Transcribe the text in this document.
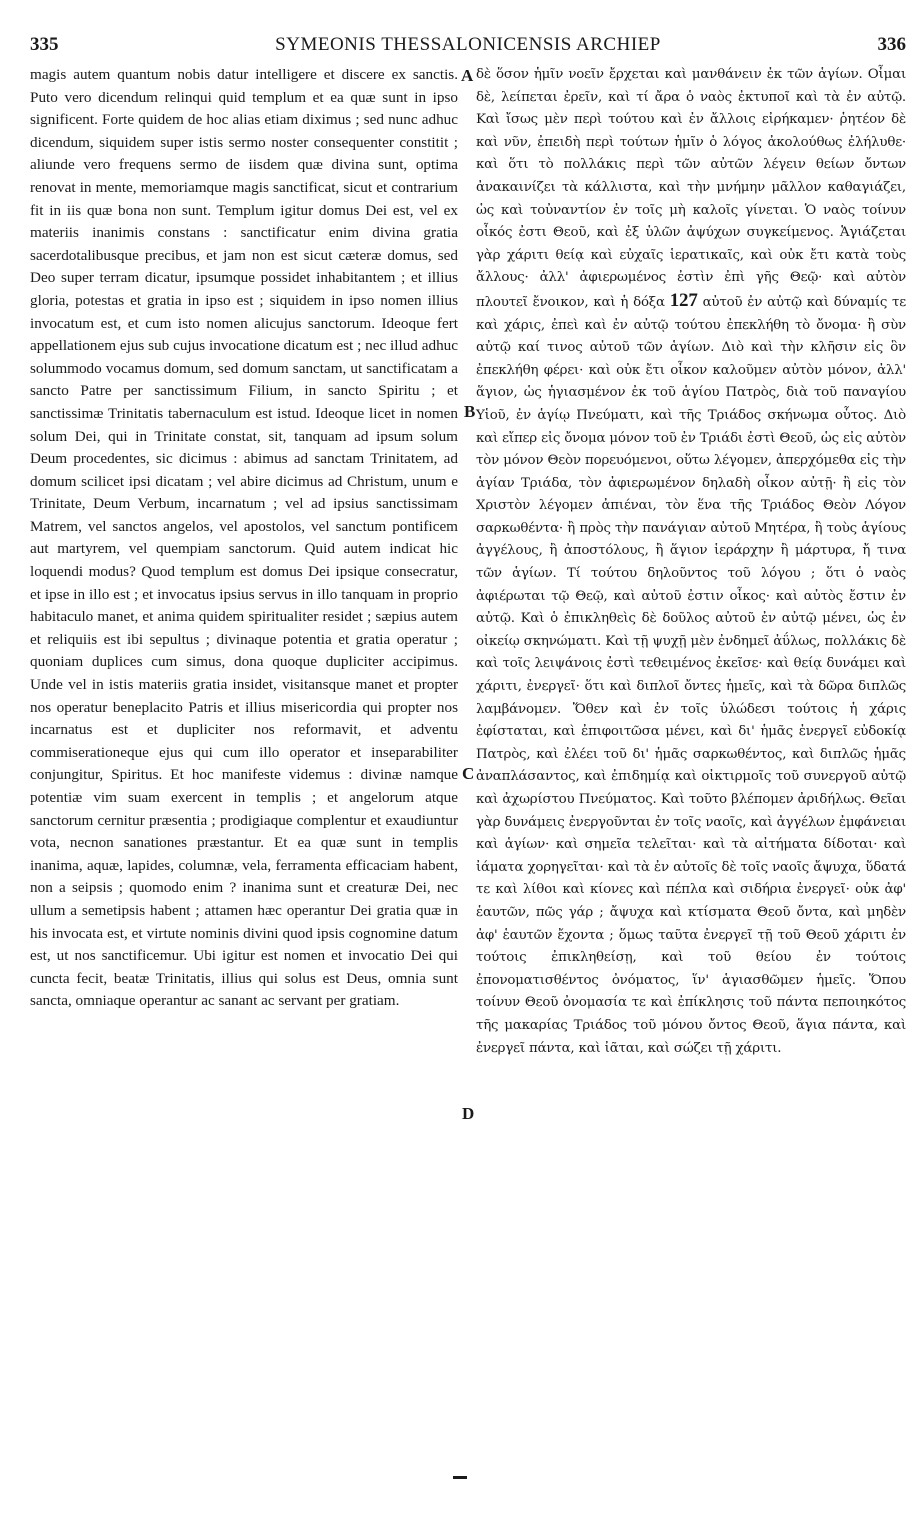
335	SYMEONIS THESSALONICENSIS ARCHIEP	336

magis autem quantum nobis datur intelligere et discere ex sanctis. Puto vero dicendum relinqui quid templum et ea quæ sunt in ipso significent. Forte quidem de hoc alias etiam diximus ; sed nunc adhuc dicendum, siquidem super istis sermo noster consequenter constitit ; aliunde vero frequens sermo de iisdem quæ divina sunt, optima renovat in mente, memoriamque magis sanctificat, sicut et contrarium fit in iis quæ bona non sunt. Templum igitur domus Dei est, vel ex materiis inanimis constans : sanctificatur enim divina gratia sacerdotalibusque precibus, et jam non est sicut cæteræ domus, sed Deo super terram dicatur, ipsumque possidet inhabitantem ; et illius gloria, potestas et gratia in ipso est ; siquidem in ipso nomen illius invocatum est, et cum isto nomen alicujus sanctorum. Ideoque fert appellationem ejus sub cujus invocatione dicatum est ; nec illud adhuc solummodo vocamus domum, sed domum sanctam, ut sanctificatam a sancto Patre per sanctissimum Filium, in sancto Spiritu ; et sanctissimæ Trinitatis tabernaculum est istud. Ideoque licet in nomen solum Dei, qui in Trinitate constat, sit, tanquam ad ipsum solum Deum procedentes, sic dicimus : abimus ad sanctam Trinitatem, ad domum scilicet ipsi dicatam ; vel abire dicimus ad Christum, unum e Trinitate, Deum Verbum, incarnatum ; vel ad ipsius sanctissimam Matrem, vel sanctos angelos, vel apostolos, vel sanctum pontificem aut martyrem, vel quempiam sanctorum. Quid autem indicat hic loquendi modus? Quod templum est domus Dei ipsique consecratur, et ipse in illo est ; et invocatus ipsius servus in illo tanquam in proprio habitaculo manet, et anima quidem spiritualiter residet ; sæpius autem et reliquiis est ibi sepultus ; divinaque potentia et gratia operatur ; quoniam duplices cum simus, dona quoque dupliciter accipimus. Unde vel in istis materiis gratia insidet, visitansque manet et propter nos operatur beneplacito Patris et illius misericordia qui propter nos incarnatus est et dupliciter nos reformavit, et adventu commiserationeque ejus qui cum illo operator et inseparabiliter conjungitur, Spiritus. Et hoc manifeste videmus : divinæ namque potentiæ vim suam exercent in templis ; et angelorum atque sanctorum cernitur præsentia ; prodigiaque complentur et exaudiuntur vota, necnon sanationes præstantur. Et ea quæ sunt in templis inanima, aquæ, lapides, columnæ, vela, ferramenta efficaciam habent, non a seipsis ; quomodo enim ? inanima sunt et creaturæ Dei, nec ullum a semetipsis habent ; attamen hæc operantur Dei gratia quæ in his invocata est, et virtute nominis divini quod ipsis cognomine datum est, ut nos sanctificemur. Ubi igitur est nomen et invocatio Dei qui cuncta fecit, beatæ Trinitatis, illius qui solus est Deus, omnia sunt sancta, omniaque operantur ac sanant ac servant per gratiam.

A
B
C
D

δὲ ὅσον ἡμῖν νοεῖν ἔρχεται καὶ μανθάνειν ἐκ τῶν ἁγίων. Οἶμαι δὲ, λείπεται ἐρεῖν, καὶ τί ἄρα ὁ ναὸς ἐκτυποῖ καὶ τὰ ἐν αὐτῷ. Καὶ ἴσως μὲν περὶ τούτου καὶ ἐν ἄλλοις εἰρήκαμεν· ῥητέον δὲ καὶ νῦν, ἐπειδὴ περὶ τούτων ἡμῖν ὁ λόγος ἀκολούθως ἐλήλυθε· καὶ ὅτι τὸ πολλάκις περὶ τῶν αὐτῶν λέγειν θείων ὄντων ἀνακαινίζει τὰ κάλλιστα, καὶ τὴν μνήμην μᾶλλον καθαγιάζει, ὡς καὶ τοὐναντίον ἐν τοῖς μὴ καλοῖς γίνεται. Ὁ ναὸς τοίνυν οἶκός ἐστι Θεοῦ, καὶ ἐξ ὑλῶν ἀψύχων συγκείμενος. Ἁγιάζεται γὰρ χάριτι θείᾳ καὶ εὐχαῖς ἱερατικαῖς, καὶ οὐκ ἔτι κατὰ τοὺς ἄλλους· ἀλλ' ἀφιερωμένος ἐστὶν ἐπὶ γῆς Θεῷ· καὶ αὐτὸν πλουτεῖ ἔνοικον, καὶ ἡ δόξα 127 αὐτοῦ ἐν αὐτῷ καὶ δύναμίς τε καὶ χάρις, ἐπεὶ καὶ ἐν αὐτῷ τούτου ἐπεκλήθη τὸ ὄνομα· ἢ σὺν αὐτῷ καί τινος αὐτοῦ τῶν ἁγίων. Διὸ καὶ τὴν κλῆσιν εἰς ὃν ἐπεκλήθη φέρει· καὶ οὐκ ἔτι οἶκον καλοῦμεν αὐτὸν μόνον, ἀλλ' ἅγιον, ὡς ἡγιασμένον ἐκ τοῦ ἁγίου Πατρὸς, διὰ τοῦ παναγίου Υἱοῦ, ἐν ἁγίῳ Πνεύματι, καὶ τῆς Τριάδος σκήνωμα οὗτος. Διὸ καὶ εἴπερ εἰς ὄνομα μόνον τοῦ ἐν Τριάδι ἐστὶ Θεοῦ, ὡς εἰς αὐτὸν τὸν μόνον Θεὸν πορευόμενοι, οὕτω λέγομεν, ἀπερχόμεθα εἰς τὴν ἁγίαν Τριάδα, τὸν ἀφιερωμένον δηλαδὴ οἶκον αὐτῇ· ἢ εἰς τὸν Χριστὸν λέγομεν ἀπιέναι, τὸν ἕνα τῆς Τριάδος Θεὸν Λόγον σαρκωθέντα· ἢ πρὸς τὴν πανάγιαν αὐτοῦ Μητέρα, ἢ τοὺς ἁγίους ἀγγέλους, ἢ ἀποστόλους, ἢ ἅγιον ἱεράρχην ἢ μάρτυρα, ἤ τινα τῶν ἁγίων. Τί τούτου δηλοῦντος τοῦ λόγου ; ὅτι ὁ ναὸς ἀφιέρωται τῷ Θεῷ, καὶ αὐτοῦ ἐστιν οἶκος· καὶ αὐτὸς ἔστιν ἐν αὐτῷ. Καὶ ὁ ἐπικληθεὶς δὲ δοῦλος αὐτοῦ ἐν αὐτῷ μένει, ὡς ἐν οἰκείῳ σκηνώματι. Καὶ τῇ ψυχῇ μὲν ἐνδημεῖ ἀΰλως, πολλάκις δὲ καὶ τοῖς λειψάνοις ἐστὶ τεθειμένος ἐκεῖσε· καὶ θείᾳ δυνάμει καὶ χάριτι, ἐνεργεῖ· ὅτι καὶ διπλοῖ ὄντες ἡμεῖς, καὶ τὰ δῶρα διπλῶς λαμβάνομεν. Ὅθεν καὶ ἐν τοῖς ὑλώδεσι τούτοις ἡ χάρις ἐφίσταται, καὶ ἐπιφοιτῶσα μένει, καὶ δι' ἡμᾶς ἐνεργεῖ εὐδοκίᾳ Πατρὸς, καὶ ἐλέει τοῦ δι' ἡμᾶς σαρκωθέντος, καὶ διπλῶς ἡμᾶς ἀναπλάσαντος, καὶ ἐπιδημίᾳ καὶ οἰκτιρμοῖς τοῦ συνεργοῦ αὐτῷ καὶ ἀχωρίστου Πνεύματος. Καὶ τοῦτο βλέπομεν ἀριδήλως. Θεῖαι γὰρ δυνάμεις ἐνεργοῦνται ἐν τοῖς ναοῖς, καὶ ἀγγέλων ἐμφάνειαι καὶ ἁγίων· καὶ σημεῖα τελεῖται· καὶ τὰ αἰτήματα δίδοται· καὶ ἰάματα χορηγεῖται· καὶ τὰ ἐν αὐτοῖς δὲ τοῖς ναοῖς ἄψυχα, ὕδατά τε καὶ λίθοι καὶ κίονες καὶ πέπλα καὶ σιδήρια ἐνεργεῖ· οὐκ ἀφ' ἑαυτῶν, πῶς γάρ ; ἄψυχα καὶ κτίσματα Θεοῦ ὄντα, καὶ μηδὲν ἀφ' ἑαυτῶν ἔχοντα ; ὅμως ταῦτα ἐνεργεῖ τῇ τοῦ Θεοῦ χάριτι ἐν τούτοις ἐπικληθείσῃ, καὶ τοῦ θείου ἐν τούτοις ἐπονοματισθέντος ὀνόματος, ἵν' ἁγιασθῶμεν ἡμεῖς. Ὅπου τοίνυν Θεοῦ ὀνομασία τε καὶ ἐπίκλησις τοῦ πάντα πεποιηκότος τῆς μακαρίας Τριάδος τοῦ μόνου ὄντος Θεοῦ, ἅγια πάντα, καὶ ἐνεργεῖ πάντα, καὶ ἰᾶται, καὶ σώζει τῇ χάριτι.
